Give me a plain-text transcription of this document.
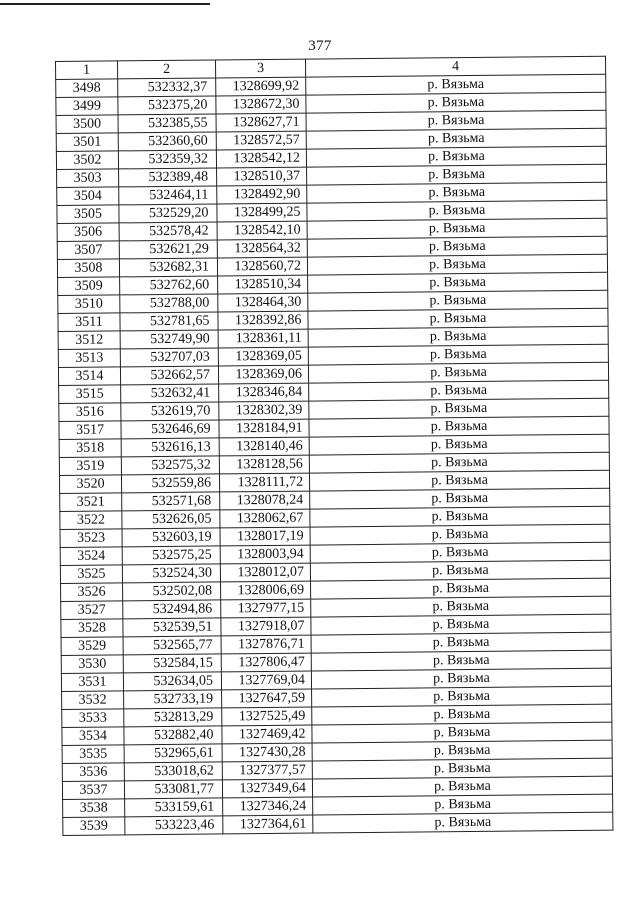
377
1	2	3	4
3498	532332,37	1328699,92	р. Вязьма
3499	532375,20	1328672,30	р. Вязьма
3500	532385,55	1328627,71	р. Вязьма
3501	532360,60	1328572,57	р. Вязьма
3502	532359,32	1328542,12	р. Вязьма
3503	532389,48	1328510,37	р. Вязьма
3504	532464,11	1328492,90	р. Вязьма
3505	532529,20	1328499,25	р. Вязьма
3506	532578,42	1328542,10	р. Вязьма
3507	532621,29	1328564,32	р. Вязьма
3508	532682,31	1328560,72	р. Вязьма
3509	532762,60	1328510,34	р. Вязьма
3510	532788,00	1328464,30	р. Вязьма
3511	532781,65	1328392,86	р. Вязьма
3512	532749,90	1328361,11	р. Вязьма
3513	532707,03	1328369,05	р. Вязьма
3514	532662,57	1328369,06	р. Вязьма
3515	532632,41	1328346,84	р. Вязьма
3516	532619,70	1328302,39	р. Вязьма
3517	532646,69	1328184,91	р. Вязьма
3518	532616,13	1328140,46	р. Вязьма
3519	532575,32	1328128,56	р. Вязьма
3520	532559,86	1328111,72	р. Вязьма
3521	532571,68	1328078,24	р. Вязьма
3522	532626,05	1328062,67	р. Вязьма
3523	532603,19	1328017,19	р. Вязьма
3524	532575,25	1328003,94	р. Вязьма
3525	532524,30	1328012,07	р. Вязьма
3526	532502,08	1328006,69	р. Вязьма
3527	532494,86	1327977,15	р. Вязьма
3528	532539,51	1327918,07	р. Вязьма
3529	532565,77	1327876,71	р. Вязьма
3530	532584,15	1327806,47	р. Вязьма
3531	532634,05	1327769,04	р. Вязьма
3532	532733,19	1327647,59	р. Вязьма
3533	532813,29	1327525,49	р. Вязьма
3534	532882,40	1327469,42	р. Вязьма
3535	532965,61	1327430,28	р. Вязьма
3536	533018,62	1327377,57	р. Вязьма
3537	533081,77	1327349,64	р. Вязьма
3538	533159,61	1327346,24	р. Вязьма
3539	533223,46	1327364,61	р. Вязьма
